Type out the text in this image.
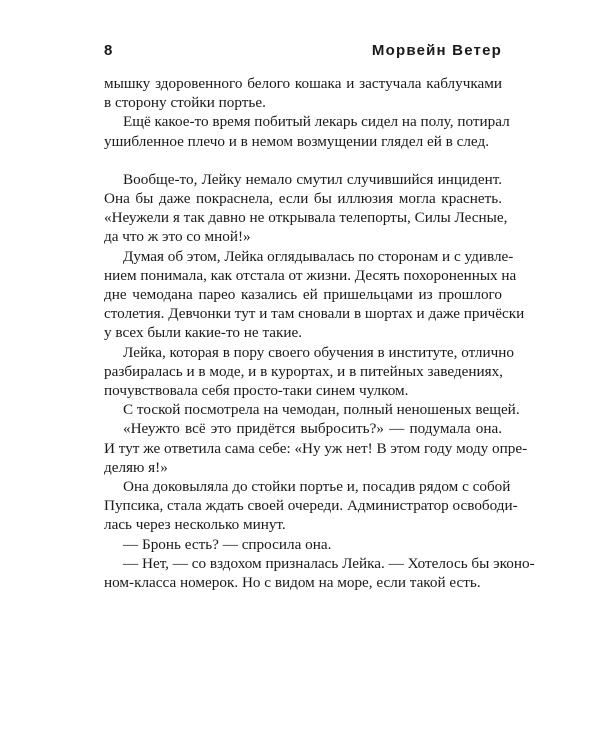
8	Морвейн Ветер

мышку здоровенного белого кошака и застучала каблучками
в сторону стойки портье.

Ещё какое-то время побитый лекарь сидел на полу, потирал
ушибленное плечо и в немом возмущении глядел ей в след.

Вообще-то, Лейку немало смутил случившийся инцидент.
Она бы даже покраснела, если бы иллюзия могла краснеть.
«Неужели я так давно не открывала телепорты, Силы Лесные,
да что ж это со мной!»

Думая об этом, Лейка оглядывалась по сторонам и с удивле-
нием понимала, как отстала от жизни. Десять похороненных на
дне чемодана парео казались ей пришельцами из прошлого
столетия. Девчонки тут и там сновали в шортах и даже причёски
у всех были какие-то не такие.

Лейка, которая в пору своего обучения в институте, отлично
разбиралась и в моде, и в курортах, и в питейных заведениях,
почувствовала себя просто-таки синем чулком.

С тоской посмотрела на чемодан, полный неношеных вещей.

«Неужто всё это придётся выбросить?» — подумала она.
И тут же ответила сама себе: «Ну уж нет! В этом году моду опре-
деляю я!»

Она доковыляла до стойки портье и, посадив рядом с собой
Пупсика, стала ждать своей очереди. Администратор освободи-
лась через несколько минут.

— Бронь есть? — спросила она.

— Нет, — со вздохом призналась Лейка. — Хотелось бы эконо-
ном-класса номерок. Но с видом на море, если такой есть.
